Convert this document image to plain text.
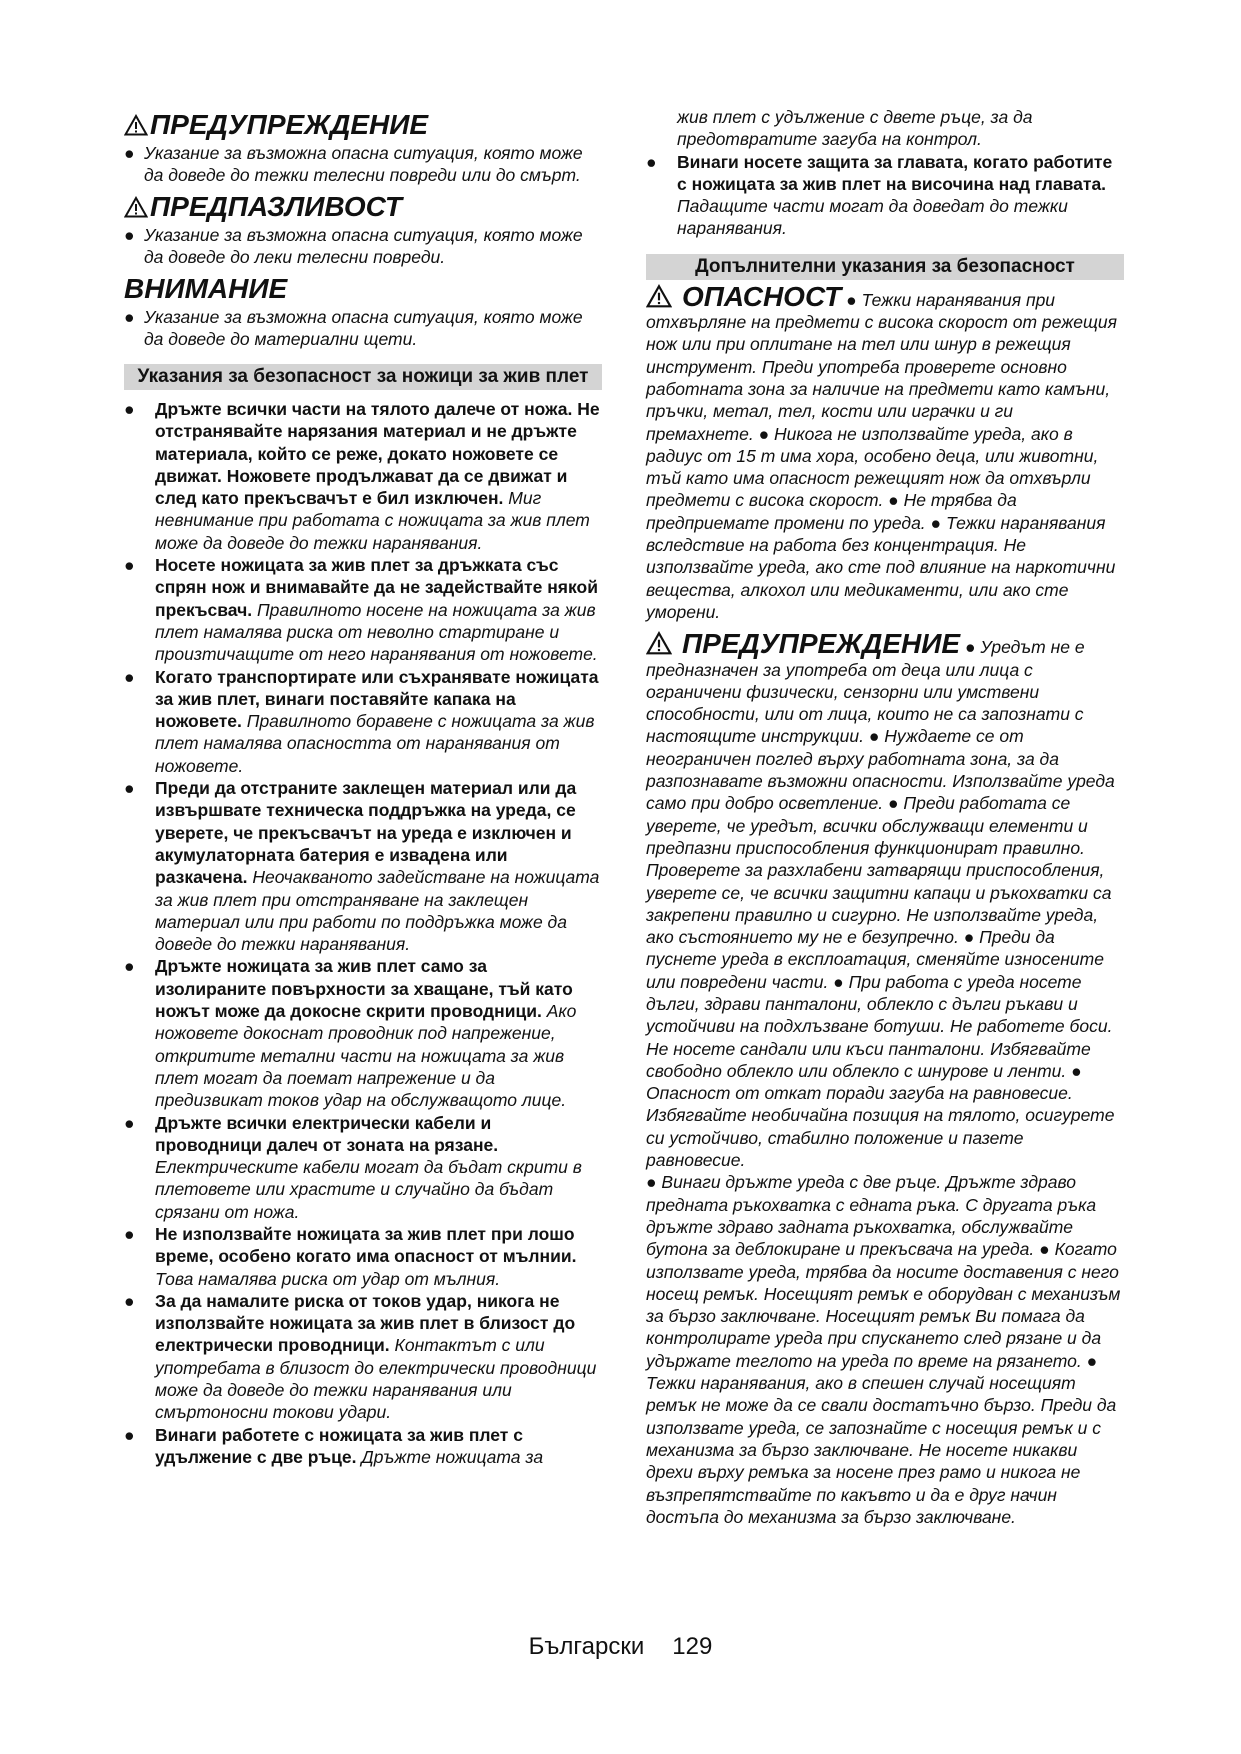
ПРЕДУПРЕЖДЕНИЕ

● Указание за възможна опасна ситуация, която може да доведе до тежки телесни повреди или до смърт.

ПРЕДПАЗЛИВОСТ

● Указание за възможна опасна ситуация, която може да доведе до леки телесни повреди.

ВНИМАНИЕ

● Указание за възможна опасна ситуация, която може да доведе до материални щети.

Указания за безопасност за ножици за жив плет

● Дръжте всички части на тялото далече от ножа. Не отстранявайте нарязания материал и не дръжте материала, който се реже, докато ножовете се движат. Ножовете продължават да се движат и след като прекъсвачът е бил изключен. Миг невнимание при работата с ножицата за жив плет може да доведе до тежки наранявания.

● Носете ножицата за жив плет за дръжката със спрян нож и внимавайте да не задействайте някой прекъсвач. Правилното носене на ножицата за жив плет намалява риска от неволно стартиране и произтичащите от него наранявания от ножовете.

● Когато транспортирате или съхранявате ножицата за жив плет, винаги поставяйте капака на ножовете. Правилното боравене с ножицата за жив плет намалява опасността от наранявания от ножовете.

● Преди да отстраните заклещен материал или да извършвате техническа поддръжка на уреда, се уверете, че прекъсвачът на уреда е изключен и акумулаторната батерия е извадена или разкачена. Неочакваното задействане на ножицата за жив плет при отстраняване на заклещен материал или при работи по поддръжка може да доведе до тежки наранявания.

● Дръжте ножицата за жив плет само за изолираните повърхности за хващане, тъй като ножът може да докосне скрити проводници. Ако ножовете докоснат проводник под напрежение, откритите метални части на ножицата за жив плет могат да поемат напрежение и да предизвикат токов удар на обслужващото лице.

● Дръжте всички електрически кабели и проводници далеч от зоната на рязане. Електрическите кабели могат да бъдат скрити в плетовете или храстите и случайно да бъдат срязани от ножа.

● Не използвайте ножицата за жив плет при лошо време, особено когато има опасност от мълнии. Това намалява риска от удар от мълния.

● За да намалите риска от токов удар, никога не използвайте ножицата за жив плет в близост до електрически проводници. Контактът с или употребата в близост до електрически проводници може да доведе до тежки наранявания или смъртоносни токови удари.

● Винаги работете с ножицата за жив плет с удължение с две ръце. Дръжте ножицата за

жив плет с удължение с двете ръце, за да предотвратите загуба на контрол.

● Винаги носете защита за главата, когато работите с ножицата за жив плет на височина над главата. Падащите части могат да доведат до тежки наранявания.

Допълнителни указания за безопасност

ОПАСНОСТ ● Тежки наранявания при отхвърляне на предмети с висока скорост от режещия нож или при оплитане на тел или шнур в режещия инструмент. Преди употреба проверете основно работната зона за наличие на предмети като камъни, пръчки, метал, тел, кости или играчки и ги премахнете. ● Никога не използвайте уреда, ако в радиус от 15 m има хора, особено деца, или животни, тъй като има опасност режещият нож да отхвърли предмети с висока скорост. ● Не трябва да предприемате промени по уреда. ● Тежки наранявания вследствие на работа без концентрация. Не използвайте уреда, ако сте под влияние на наркотични вещества, алкохол или медикаменти, или ако сте уморени.

ПРЕДУПРЕЖДЕНИЕ ● Уредът не е предназначен за употреба от деца или лица с ограничени физически, сензорни или умствени способности, или от лица, които не са запознати с настоящите инструкции. ● Нуждаете се от неограничен поглед върху работната зона, за да разпознавате възможни опасности. Използвайте уреда само при добро осветление. ● Преди работата се уверете, че уредът, всички обслужващи елементи и предпазни приспособления функционират правилно. Проверете за разхлабени затварящи приспособления, уверете се, че всички защитни капаци и ръкохватки са закрепени правилно и сигурно. Не използвайте уреда, ако състоянието му не е безупречно. ● Преди да пуснете уреда в експлоатация, сменяйте износените или повредени части. ● При работа с уреда носете дълги, здрави панталони, облекло с дълги ръкави и устойчиви на подхлъзване ботуши. Не работете боси. Не носете сандали или къси панталони. Избягвайте свободно облекло или облекло с шнурове и ленти. ● Опасност от откат поради загуба на равновесие. Избягвайте необичайна позиция на тялото, осигурете си устойчиво, стабилно положение и пазете равновесие.

● Винаги дръжте уреда с две ръце. Дръжте здраво предната ръкохватка с едната ръка. С другата ръка дръжте здраво задната ръкохватка, обслужвайте бутона за деблокиране и прекъсвача на уреда. ● Когато използвате уреда, трябва да носите доставения с него носещ ремък. Носещият ремък е оборудван с механизъм за бързо заключване. Носещият ремък Ви помага да контролирате уреда при спускането след рязане и да удържате теглото на уреда по време на рязането. ● Тежки наранявания, ако в спешен случай носещият ремък не може да се свали достатъчно бързо. Преди да използвате уреда, се запознайте с носещия ремък и с механизма за бързо заключване. Не носете никакви дрехи върху ремъка за носене през рамо и никога не възпрепятствайте по какъвто и да е друг начин достъпа до механизма за бързо заключване.

Български 129
